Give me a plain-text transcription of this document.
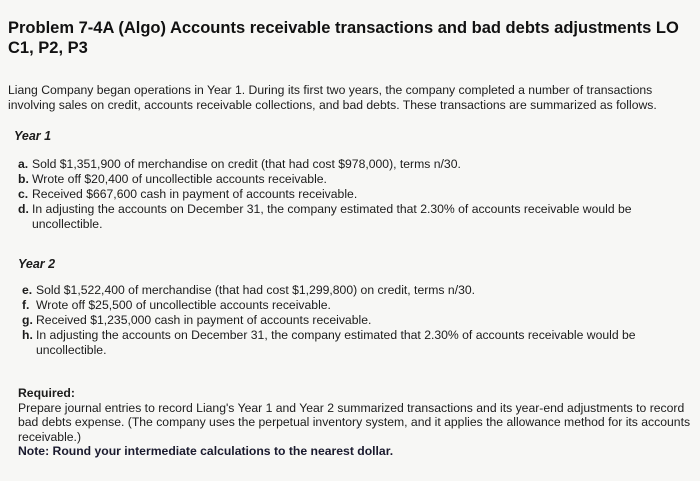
Problem 7-4A (Algo) Accounts receivable transactions and bad debts adjustments LO C1, P2, P3
Liang Company began operations in Year 1. During its first two years, the company completed a number of transactions involving sales on credit, accounts receivable collections, and bad debts. These transactions are summarized as follows.
Year 1
a. Sold $1,351,900 of merchandise on credit (that had cost $978,000), terms n/30.
b. Wrote off $20,400 of uncollectible accounts receivable.
c. Received $667,600 cash in payment of accounts receivable.
d. In adjusting the accounts on December 31, the company estimated that 2.30% of accounts receivable would be uncollectible.
Year 2
e. Sold $1,522,400 of merchandise (that had cost $1,299,800) on credit, terms n/30.
f. Wrote off $25,500 of uncollectible accounts receivable.
g. Received $1,235,000 cash in payment of accounts receivable.
h. In adjusting the accounts on December 31, the company estimated that 2.30% of accounts receivable would be uncollectible.
Required:
Prepare journal entries to record Liang's Year 1 and Year 2 summarized transactions and its year-end adjustments to record bad debts expense. (The company uses the perpetual inventory system, and it applies the allowance method for its accounts receivable.)
Note: Round your intermediate calculations to the nearest dollar.
